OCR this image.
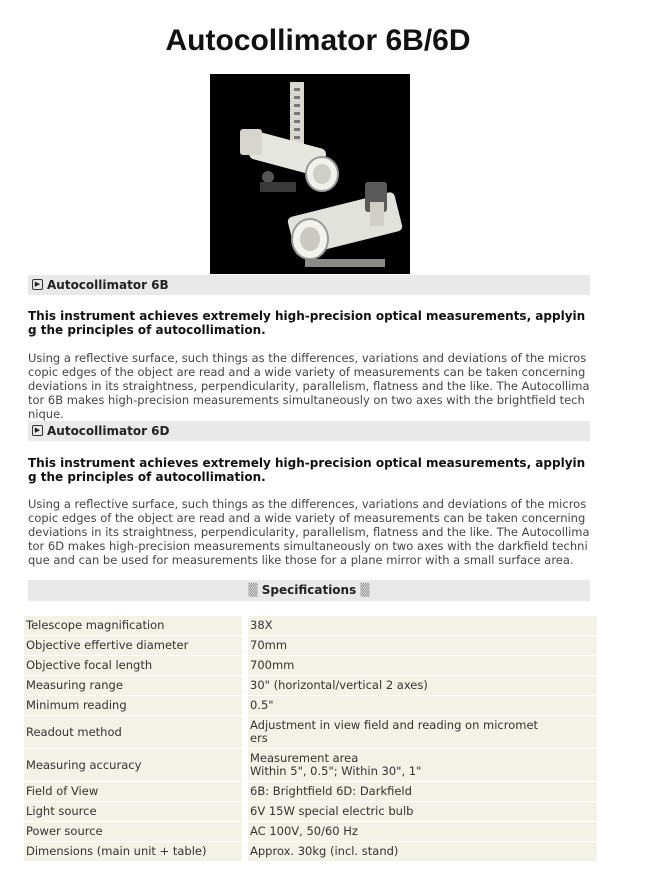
Autocollimator 6B/6D
▶ Autocollimator 6B

This instrument achieves extremely high-precision optical measurements, applying the principles of autocollimation.

Using a reflective surface, such things as the differences, variations and deviations of the microscopic edges of the object are read and a wide variety of measurements can be taken concerning deviations in its straightness, perpendicularity, parallelism, flatness and the like. The Autocollimator 6B makes high-precision measurements simultaneously on two axes with the brightfield technique.

▶ Autocollimator 6D

This instrument achieves extremely high-precision optical measurements, applying the principles of autocollimation.

Using a reflective surface, such things as the differences, variations and deviations of the microscopic edges of the object are read and a wide variety of measurements can be taken concerning deviations in its straightness, perpendicularity, parallelism, flatness and the like. The Autocollimator 6D makes high-precision measurements simultaneously on two axes with the darkfield technique and can be used for measurements like those for a plane mirror with a small surface area.

▒ Specifications ▒
Telescope magnification	38X

Objective effertive diameter	70mm

Objective focal length	700mm

Measuring range	30" (horizontal/vertical 2 axes)

Minimum reading	0.5"

Readout method	Adjustment in view field and reading on micrometers

Measuring accuracy	Measurement area
Within 5", 0.5"; Within 30", 1"

Field of View	6B: Brightfield 6D: Darkfield

Light source	6V 15W special electric bulb

Power source	AC 100V, 50/60 Hz

Dimensions (main unit + table)	Approx. 30kg (incl. stand)
